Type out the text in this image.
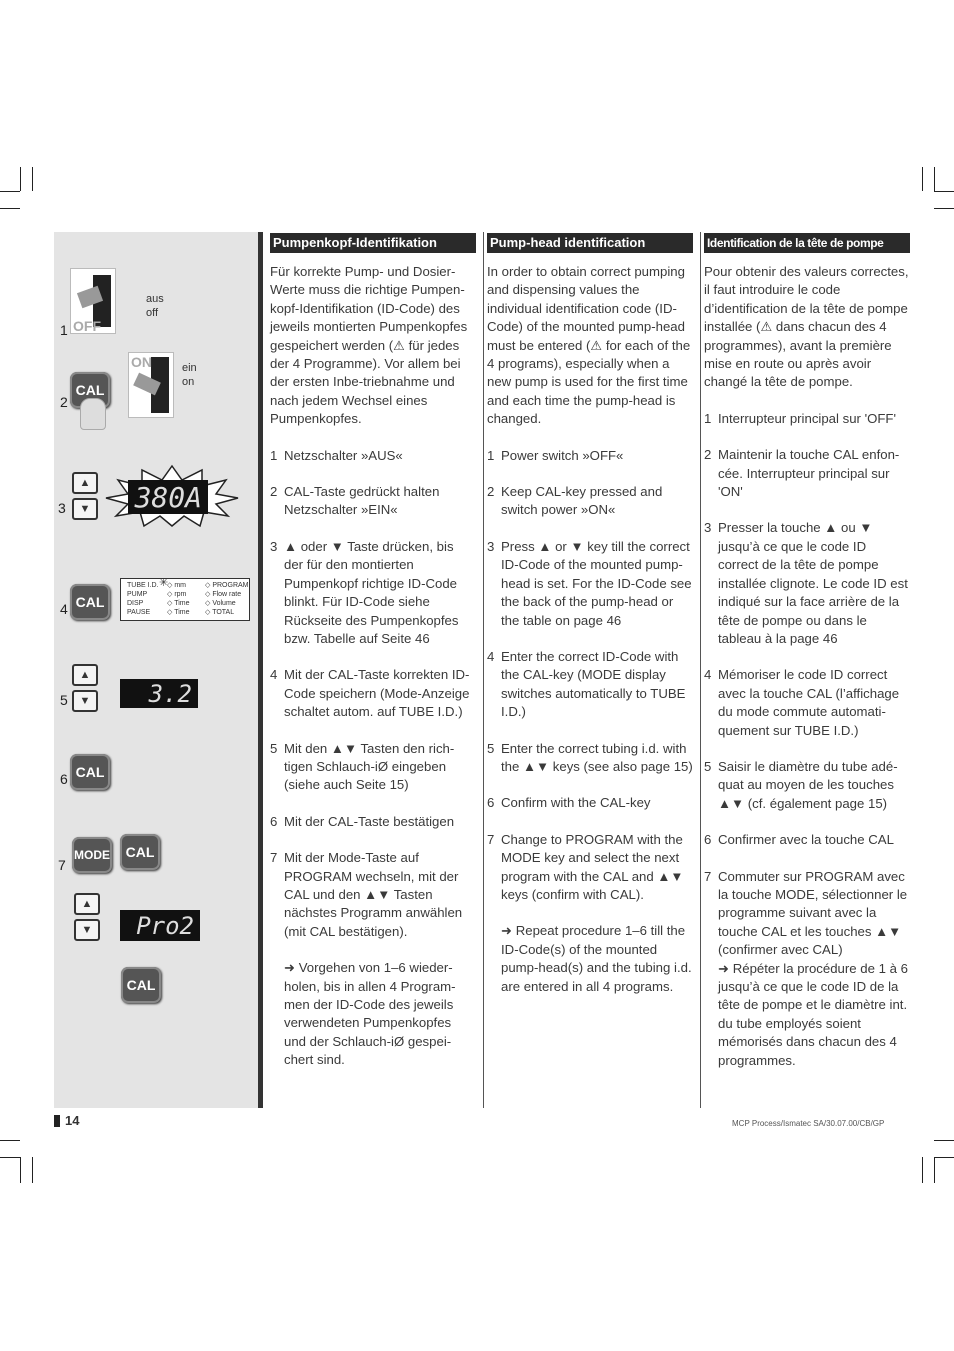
OFF
aus
off
1
ON	ein
on
CAL
2
▲
▼
3 380A
CAL
4
TUBE I.D.
PUMP
DISP
PAUSE
◇ mm
◇ rpm
◇ Time
◇ Time
◇ PROGRAM
◇ Flow rate
◇ Volume
◇ TOTAL
✳
▲
▼
5	3.2
CAL
6
MODE	CAL
7
▲
▼	Pro2
CAL
Pumpenkopf-Identifikation

Für korrekte Pump- und Dosier-Werte muss die richtige Pumpen-kopf-Identifikation (ID-Code) des jeweils montierten Pumpenkopfes gespeichert werden (⚠ für jedes der 4 Programme). Vor allem bei der ersten Inbe-triebnahme und nach jedem Wechsel eines Pumpenkopfes.

1 Netzschalter »AUS«
2 CAL-Taste gedrückt halten Netzschalter »EIN«
3 ▲ oder ▼ Taste drücken, bis der für den montierten Pumpenkopf richtige ID-Code blinkt. Für ID-Code siehe Rückseite des Pumpenkopfes bzw. Tabelle auf Seite 46
4 Mit der CAL-Taste korrekten ID-Code speichern (Mode-Anzeige schaltet autom. auf TUBE I.D.)
5 Mit den ▲▼ Tasten den rich-tigen Schlauch-iØ eingeben (siehe auch Seite 15)
6 Mit der CAL-Taste bestätigen
7 Mit der Mode-Taste auf PROGRAM wechseln, mit der CAL und den ▲▼ Tasten nächstes Programm anwählen (mit CAL bestätigen).
➜ Vorgehen von 1–6 wieder-holen, bis in allen 4 Program-men der ID-Code des jeweils verwendeten Pumpenkopfes und der Schlauch-iØ gespei-chert sind.
Pump-head identification

In order to obtain correct pumping and dispensing values the individual identification code (ID-Code) of the mounted pump-head must be entered (⚠ for each of the 4 programs), especially when a new pump is used for the first time and each time the pump-head is changed.

1 Power switch »OFF«
2 Keep CAL-key pressed and switch power »ON«
3 Press ▲ or ▼ key till the correct ID-Code of the mounted pump-head is set. For the ID-Code see the back of the pump-head or the table on page 46
4 Enter the correct ID-Code with the CAL-key (MODE display switches automatically to TUBE I.D.)
5 Enter the correct tubing i.d. with the ▲▼ keys (see also page 15)
6 Confirm with the CAL-key
7 Change to PROGRAM with the MODE key and select the next program with the CAL and ▲▼ keys (confirm with CAL).
➜ Repeat procedure 1–6 till the ID-Code(s) of the mounted pump-head(s) and the tubing i.d. are entered in all 4 programs.
Identification de la tête de pompe

Pour obtenir des valeurs correctes, il faut introduire le code d’identification de la tête de pompe installée (⚠ dans chacun des 4 programmes), avant la première mise en route ou après avoir changé la tête de pompe.

1 Interrupteur principal sur 'OFF'
2 Maintenir la touche CAL enfon-cée. Interrupteur principal sur 'ON'
3 Presser la touche ▲ ou ▼ jusqu’à ce que le code ID correct de la tête de pompe installée clignote. Le code ID est indiqué sur la face arrière de la tête de pompe ou dans le tableau à la page 46
4 Mémoriser le code ID correct avec la touche CAL (l’affichage du mode commute automati-quement sur TUBE I.D.)
5 Saisir le diamètre du tube adé-quat au moyen de les touches ▲▼ (cf. également page 15)
6 Confirmer avec la touche CAL
7 Commuter sur PROGRAM avec la touche MODE, sélectionner le programme suivant avec la touche CAL et les touches ▲▼ (confirmer avec CAL)
➜ Répéter la procédure de 1 à 6 jusqu’à ce que le code ID de la tête de pompe et le diamètre int. du tube employés soient mémorisés dans chacun des 4 programmes.
14	MCP Process/Ismatec SA/30.07.00/CB/GP
